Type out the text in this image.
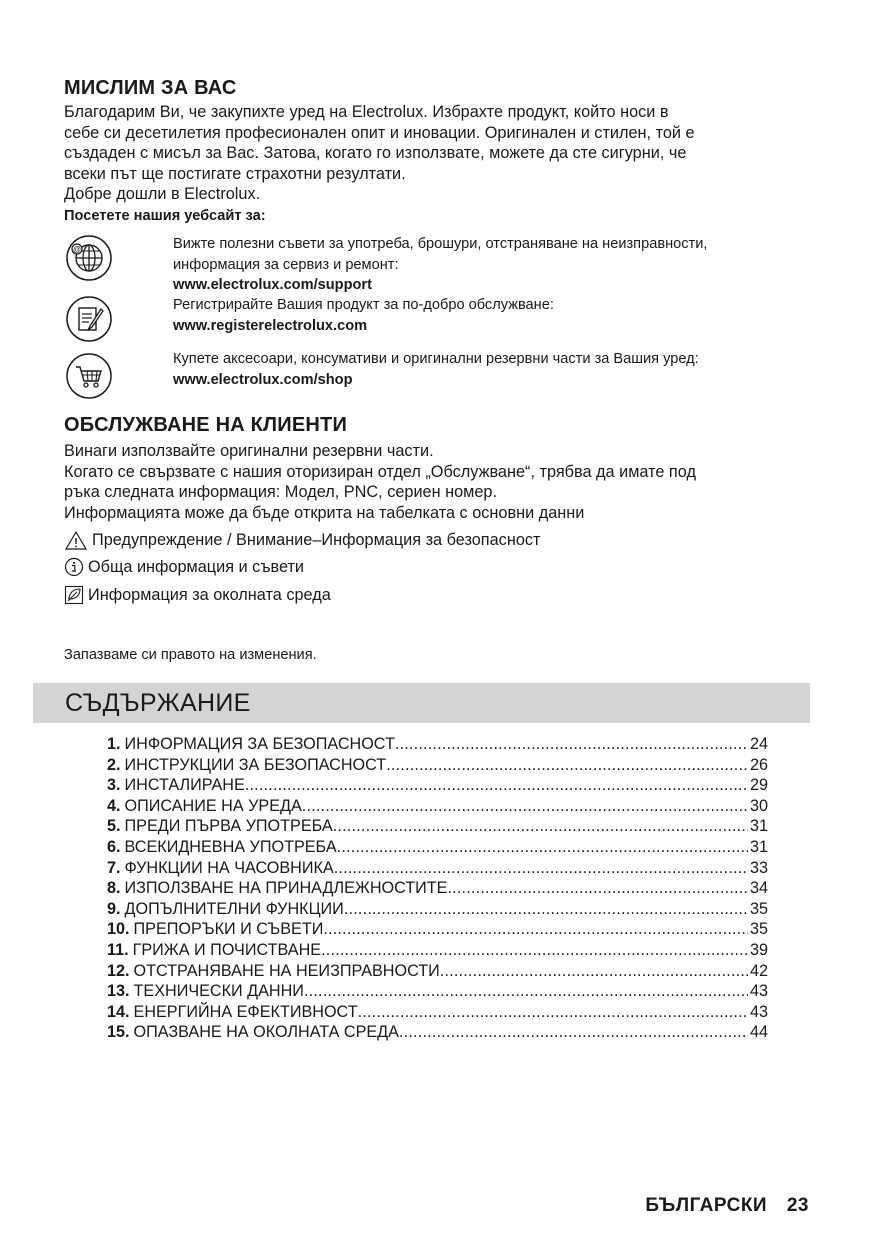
МИСЛИМ ЗА ВАС
Благодарим Ви, че закупихте уред на Electrolux. Избрахте продукт, който носи в
себе си десетилетия професионален опит и иновации. Оригинален и стилен, той е
създаден с мисъл за Вас. Затова, когато го използвате, можете да сте сигурни, че
всеки път ще постигате страхотни резултати.
Добре дошли в Electrolux.
Посетете нашия уебсайт за:
@	Вижте полезни съвети за употреба, брошури, отстраняване на неизправности,
информация за сервиз и ремонт:
www.electrolux.com/support
Регистрирайте Вашия продукт за по-добро обслужване:
www.registerelectrolux.com
Купете аксесоари, консумативи и оригинални резервни части за Вашия уред:
www.electrolux.com/shop
ОБСЛУЖВАНЕ НА КЛИЕНТИ
Винаги използвайте оригинални резервни части.
Когато се свързвате с нашия оторизиран отдел „Обслужване“, трябва да имате под
ръка следната информация: Модел, PNC, сериен номер.
Информацията може да бъде открита на табелката с основни данни
Предупреждение / Внимание–Информация за безопасност
Обща информация и съвети
Информация за околната среда
Запазваме си правото на изменения.
СЪДЪРЖАНИЕ
1. ИНФОРМАЦИЯ ЗА БЕЗОПАСНОСТ .....	24
2. ИНСТРУКЦИИ ЗА БЕЗОПАСНОСТ .....	26
3. ИНСТАЛИРАНЕ .....	29
4. ОПИСАНИЕ НА УРЕДА .....	30
5. ПРЕДИ ПЪРВА УПОТРЕБА .....	31
6. ВСЕКИДНЕВНА УПОТРЕБА .....	31
7. ФУНКЦИИ НА ЧАСОВНИКА .....	33
8. ИЗПОЛЗВАНЕ НА ПРИНАДЛЕЖНОСТИТЕ .....	34
9. ДОПЪЛНИТЕЛНИ ФУНКЦИИ .....	35
10. ПРЕПОРЪКИ И СЪВЕТИ .....	35
11. ГРИЖА И ПОЧИСТВАНЕ .....	39
12. ОТСТРАНЯВАНЕ НА НЕИЗПРАВНОСТИ .....	42
13. ТЕХНИЧЕСКИ ДАННИ .....	43
14. ЕНЕРГИЙНА ЕФЕКТИВНОСТ .....	43
15. ОПАЗВАНЕ НА ОКОЛНАТА СРЕДА .....	44
БЪЛГАРСКИ 23
